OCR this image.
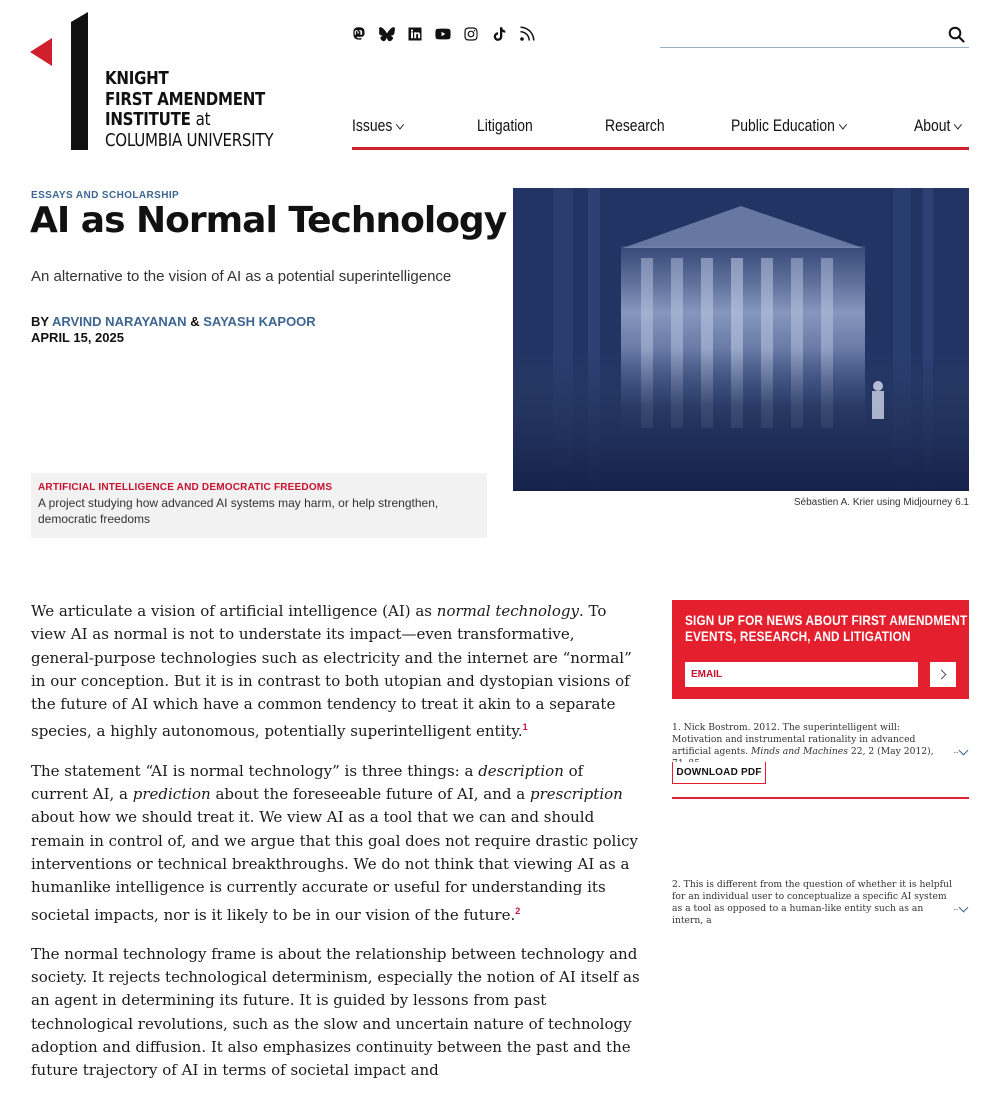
KNIGHT
FIRST AMENDMENT
INSTITUTE at
COLUMBIA UNIVERSITY
Issues	Litigation	Research	Public Education	About
ESSAYS AND SCHOLARSHIP
AI as Normal Technology
An alternative to the vision of AI as a potential superintelligence
BY ARVIND NARAYANAN & SAYASH KAPOOR
APRIL 15, 2025
ARTIFICIAL INTELLIGENCE AND DEMOCRATIC FREEDOMS
A project studying how advanced AI systems may harm, or help strengthen, democratic freedoms
Sébastien A. Krier using Midjourney 6.1

We articulate a vision of artificial intelligence (AI) as normal technology. To view AI as normal is not to understate its impact—even transformative, general-purpose technologies such as electricity and the internet are “normal” in our conception. But it is in contrast to both utopian and dystopian visions of the future of AI which have a common tendency to treat it akin to a separate species, a highly autonomous, potentially superintelligent entity.$^1$

The statement “AI is normal technology” is three things: a description of current AI, a prediction about the foreseeable future of AI, and a prescription about how we should treat it. We view AI as a tool that we can and should remain in control of, and we argue that this goal does not require drastic policy interventions or technical breakthroughs. We do not think that viewing AI as a humanlike intelligence is currently accurate or useful for understanding its societal impacts, nor is it likely to be in our vision of the future.$^2$

The normal technology frame is about the relationship between technology and society. It rejects technological determinism, especially the notion of AI itself as an agent in determining its future. It is guided by lessons from past technological revolutions, such as the slow and uncertain nature of technology adoption and diffusion. It also emphasizes continuity between the past and the future trajectory of AI in terms of societal impact and

SIGN UP FOR NEWS ABOUT FIRST AMENDMENT
EVENTS, RESEARCH, AND LITIGATION
EMAIL
1. Nick Bostrom. 2012. The superintelligent will: Motivation and instrumental rationality in advanced artificial agents. Minds and Machines 22, 2 (May 2012),	···
DOWNLOAD PDF
2. This is different from the question of whether it is helpful for an individual user to conceptualize a specific AI system as a tool as opposed to a human-like entity such as an intern, a
···
